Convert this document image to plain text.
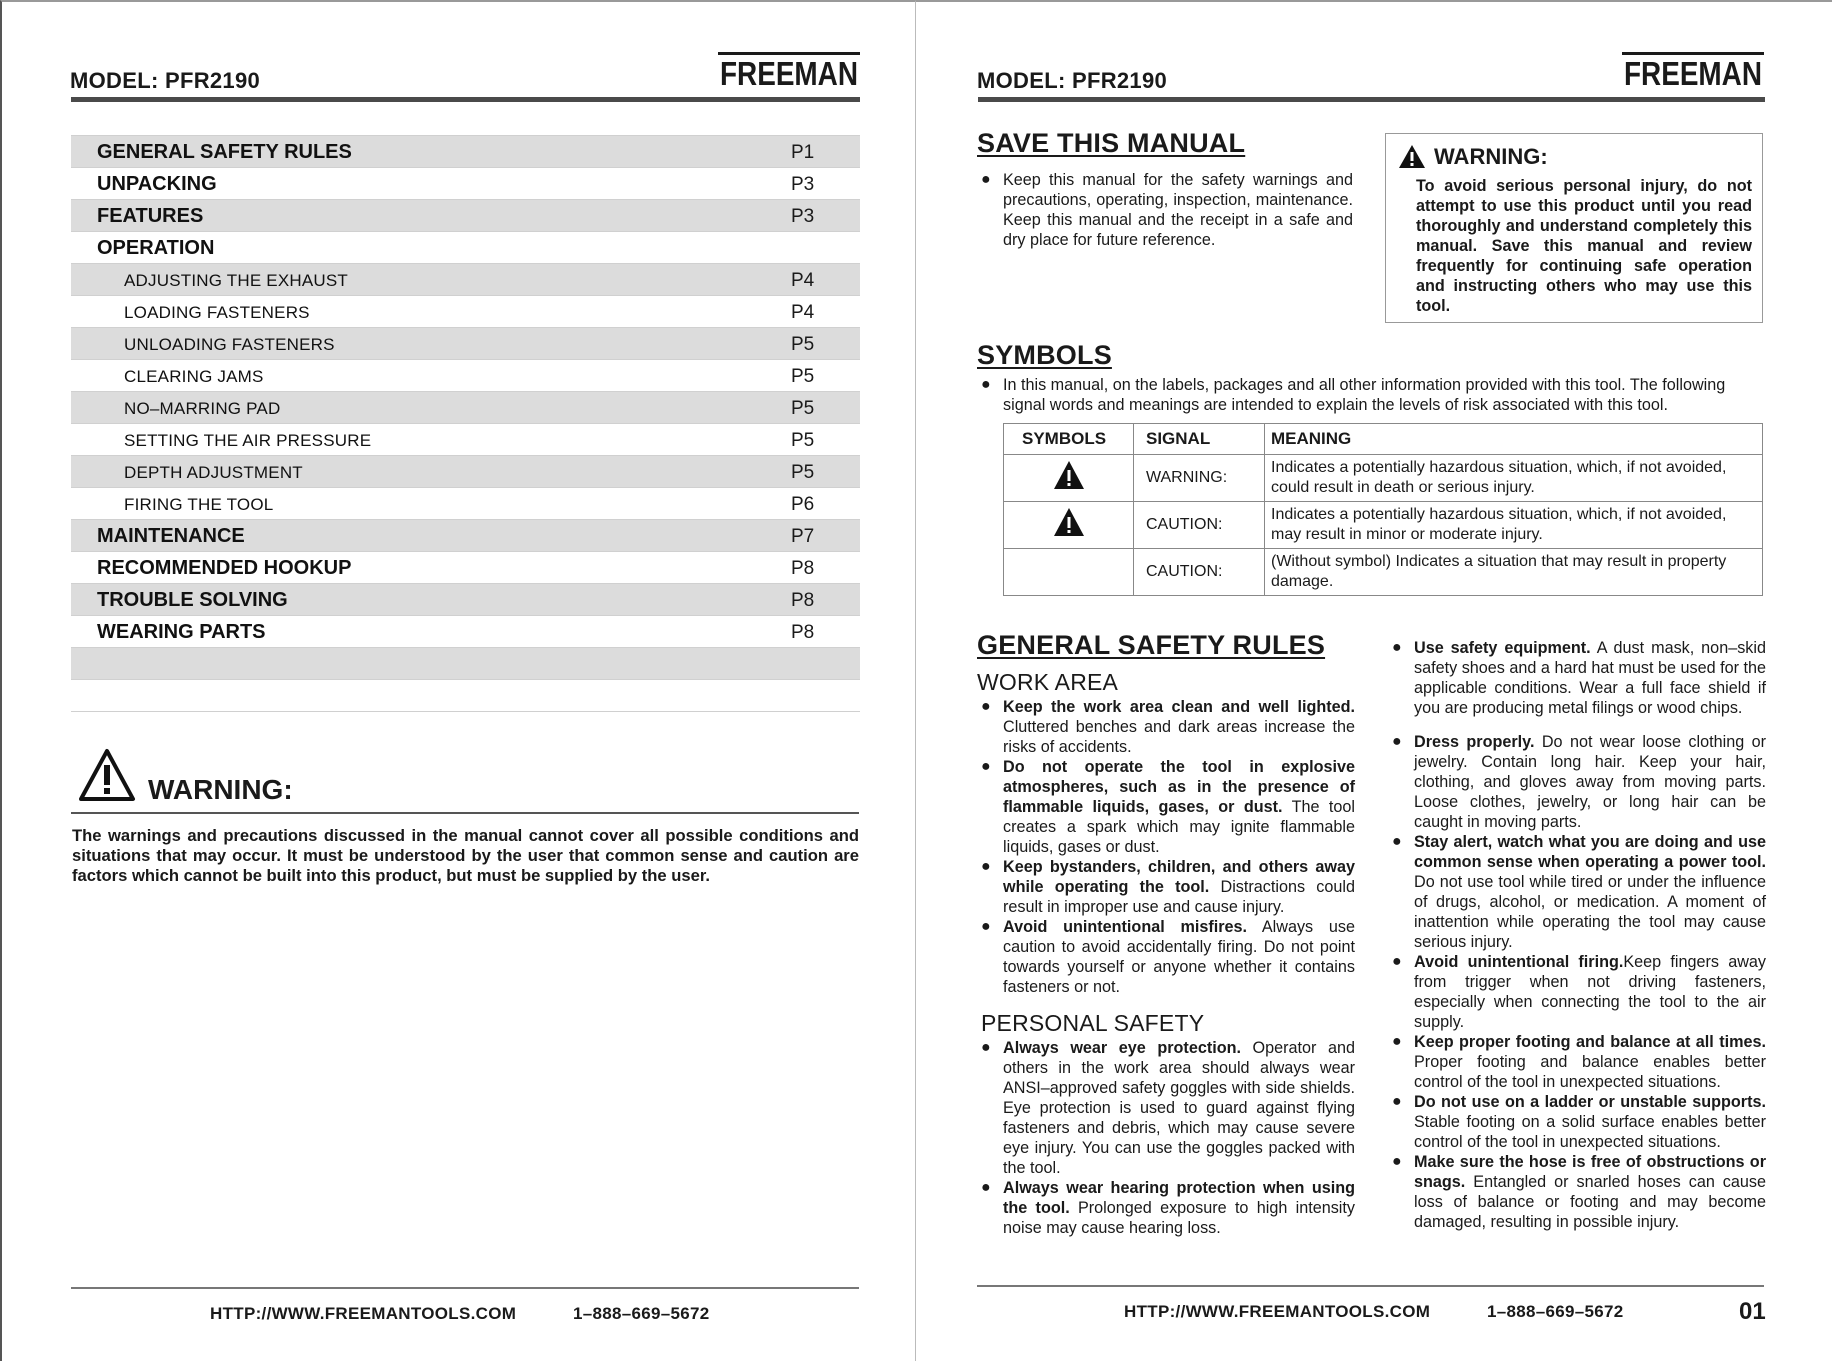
MODEL: PFR2190	FREEMAN
GENERAL SAFETY RULES	P1
UNPACKING	P3
FEATURES	P3
OPERATION
ADJUSTING THE EXHAUST	P4
LOADING FASTENERS	P4
UNLOADING FASTENERS	P5
CLEARING JAMS	P5
NO–MARRING PAD	P5
SETTING THE AIR PRESSURE	P5
DEPTH ADJUSTMENT	P5
FIRING THE TOOL	P6
MAINTENANCE	P7
RECOMMENDED HOOKUP	P8
TROUBLE SOLVING	P8
WEARING PARTS	P8
WARNING:
The warnings and precautions discussed in the manual cannot cover all possible conditions and situations that may occur. It must be understood by the user that common sense and caution are factors which cannot be built into this product, but must be supplied by the user.
HTTP://WWW.FREEMANTOOLS.COM	1–888–669–5672
MODEL: PFR2190	FREEMAN
SAVE THIS MANUAL
● Keep this manual for the safety warnings and precautions, operating, inspection, maintenance. Keep this manual and the receipt in a safe and dry place for future reference.
WARNING:
To avoid serious personal injury, do not attempt to use this product until you read thoroughly and understand completely this manual. Save this manual and review frequently for continuing safe operation and instructing others who may use this tool.
SYMBOLS
● In this manual, on the labels, packages and all other information provided with this tool. The following signal words and meanings are intended to explain the levels of risk associated with this tool.
SYMBOLS	SIGNAL	MEANING
	WARNING:	Indicates a potentially hazardous situation, which, if not avoided, could result in death or serious injury.
	CAUTION:	Indicates a potentially hazardous situation, which, if not avoided, may result in minor or moderate injury.
	CAUTION:	(Without symbol) Indicates a situation that may result in property damage.
GENERAL SAFETY RULES
WORK AREA
● Keep the work area clean and well lighted. Cluttered benches and dark areas increase the risks of accidents.
● Do not operate the tool in explosive atmospheres, such as in the presence of flammable liquids, gases, or dust. The tool creates a spark which may ignite flammable liquids, gases or dust.
● Keep bystanders, children, and others away while operating the tool. Distractions could result in improper use and cause injury.
● Avoid unintentional misfires. Always use caution to avoid accidentally firing. Do not point towards yourself or anyone whether it contains fasteners or not.
PERSONAL SAFETY
● Always wear eye protection. Operator and others in the work area should always wear ANSI–approved safety goggles with side shields. Eye protection is used to guard against flying fasteners and debris, which may cause severe eye injury. You can use the goggles packed with the tool.
● Always wear hearing protection when using the tool. Prolonged exposure to high intensity noise may cause hearing loss.
● Use safety equipment. A dust mask, non–skid safety shoes and a hard hat must be used for the applicable conditions. Wear a full face shield if you are producing metal filings or wood chips.
● Dress properly. Do not wear loose clothing or jewelry. Contain long hair. Keep your hair, clothing, and gloves away from moving parts. Loose clothes, jewelry, or long hair can be caught in moving parts.
● Stay alert, watch what you are doing and use common sense when operating a power tool. Do not use tool while tired or under the influence of drugs, alcohol, or medication. A moment of inattention while operating the tool may cause serious injury.
● Avoid unintentional firing.Keep fingers away from trigger when not driving fasteners, especially when connecting the tool to the air supply.
● Keep proper footing and balance at all times. Proper footing and balance enables better control of the tool in unexpected situations.
● Do not use on a ladder or unstable supports. Stable footing on a solid surface enables better control of the tool in unexpected situations.
● Make sure the hose is free of obstructions or snags. Entangled or snarled hoses can cause loss of balance or footing and may become damaged, resulting in possible injury.
HTTP://WWW.FREEMANTOOLS.COM	1–888–669–5672	01
